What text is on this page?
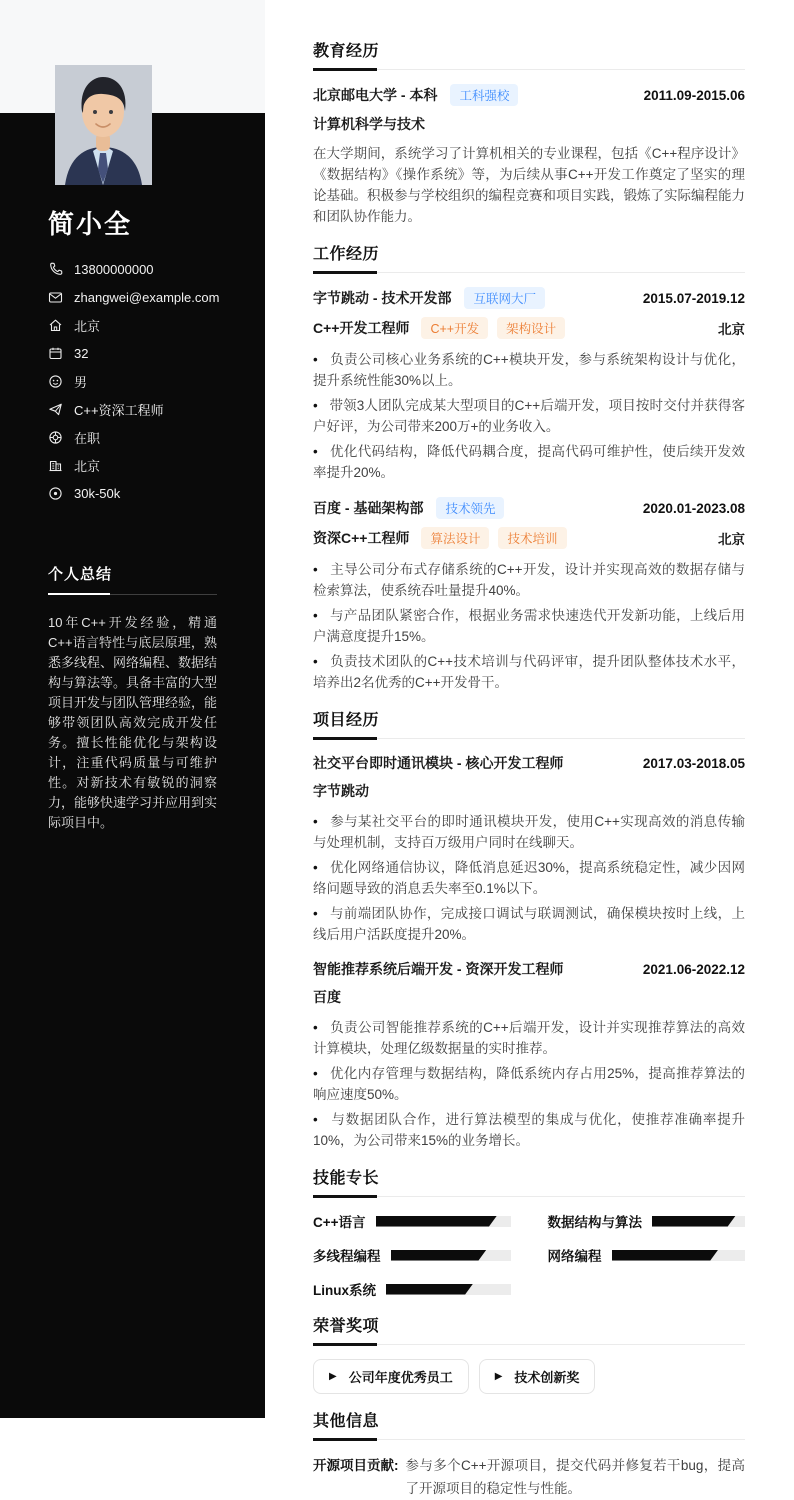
简小全
13800000000
zhangwei@example.com
北京
32
男
C++资深工程师
在职
北京
30k-50k
个人总结

10年C++开发经验，精通C++语言特性与底层原理，熟悉多线程、网络编程、数据结构与算法等。具备丰富的大型项目开发与团队管理经验，能够带领团队高效完成开发任务。擅长性能优化与架构设计，注重代码质量与可维护性。对新技术有敏锐的洞察力，能够快速学习并应用到实际项目中。

教育经历
北京邮电大学 - 本科	工科强校	2011.09-2015.06
计算机科学与技术

在大学期间，系统学习了计算机相关的专业课程，包括《C++程序设计》《数据结构》《操作系统》等，为后续从事C++开发工作奠定了坚实的理论基础。积极参与学校组织的编程竞赛和项目实践，锻炼了实际编程能力和团队协作能力。

工作经历
字节跳动 - 技术开发部	互联网大厂	2015.07-2019.12
C++开发工程师	C++开发	架构设计	北京

•   负责公司核心业务系统的C++模块开发，参与系统架构设计与优化，提升系统性能30%以上。

•   带领3人团队完成某大型项目的C++后端开发，项目按时交付并获得客户好评，为公司带来200万+的业务收入。

•   优化代码结构，降低代码耦合度，提高代码可维护性，使后续开发效率提升20%。

百度 - 基础架构部	技术领先	2020.01-2023.08
资深C++工程师	算法设计	技术培训	北京

•   主导公司分布式存储系统的C++开发，设计并实现高效的数据存储与检索算法，使系统吞吐量提升40%。

•   与产品团队紧密合作，根据业务需求快速迭代开发新功能，上线后用户满意度提升15%。

•   负责技术团队的C++技术培训与代码评审，提升团队整体技术水平，培养出2名优秀的C++开发骨干。

项目经历
社交平台即时通讯模块 - 核心开发工程师	2017.03-2018.05
字节跳动

•   参与某社交平台的即时通讯模块开发，使用C++实现高效的消息传输与处理机制，支持百万级用户同时在线聊天。

•   优化网络通信协议，降低消息延迟30%，提高系统稳定性，减少因网络问题导致的消息丢失率至0.1%以下。

•   与前端团队协作，完成接口调试与联调测试，确保模块按时上线，上线后用户活跃度提升20%。

智能推荐系统后端开发 - 资深开发工程师	2021.06-2022.12
百度

•   负责公司智能推荐系统的C++后端开发，设计并实现推荐算法的高效计算模块，处理亿级数据量的实时推荐。

•   优化内存管理与数据结构，降低系统内存占用25%，提高推荐算法的响应速度50%。

•   与数据团队合作，进行算法模型的集成与优化，使推荐准确率提升10%，为公司带来15%的业务增长。

技能专长
C++语言	数据结构与算法
多线程编程	网络编程
Linux系统
荣誉奖项
▶ 公司年度优秀员工	▶ 技术创新奖
其他信息
开源项目贡献: 参与多个C++开源项目，提交代码并修复若干bug，提高了开源项目的稳定性与性能。
